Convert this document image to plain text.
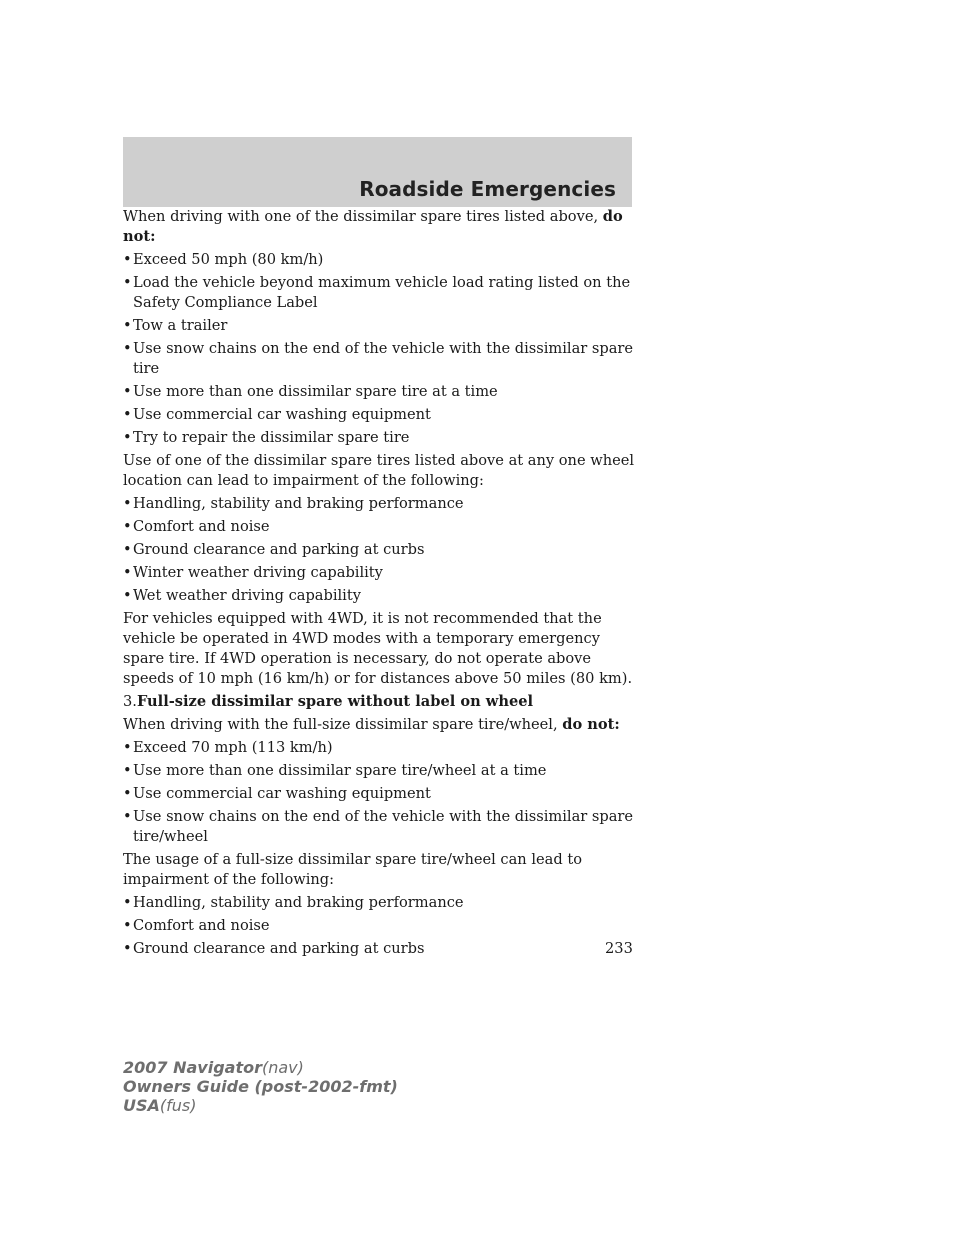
Roadside Emergencies

When driving with one of the dissimilar spare tires listed above, do not:

• Exceed 50 mph (80 km/h)
• Load the vehicle beyond maximum vehicle load rating listed on the Safety Compliance Label
• Tow a trailer
• Use snow chains on the end of the vehicle with the dissimilar spare tire
• Use more than one dissimilar spare tire at a time
• Use commercial car washing equipment
• Try to repair the dissimilar spare tire

Use of one of the dissimilar spare tires listed above at any one wheel location can lead to impairment of the following:

• Handling, stability and braking performance
• Comfort and noise
• Ground clearance and parking at curbs
• Winter weather driving capability
• Wet weather driving capability

For vehicles equipped with 4WD, it is not recommended that the vehicle be operated in 4WD modes with a temporary emergency spare tire. If 4WD operation is necessary, do not operate above speeds of 10 mph (16 km/h) or for distances above 50 miles (80 km).

3.Full-size dissimilar spare without label on wheel

When driving with the full-size dissimilar spare tire/wheel, do not:

• Exceed 70 mph (113 km/h)
• Use more than one dissimilar spare tire/wheel at a time
• Use commercial car washing equipment
• Use snow chains on the end of the vehicle with the dissimilar spare tire/wheel

The usage of a full-size dissimilar spare tire/wheel can lead to impairment of the following:

• Handling, stability and braking performance
• Comfort and noise
• Ground clearance and parking at curbs	233
2007 Navigator(nav)
Owners Guide (post-2002-fmt)
USA(fus)
